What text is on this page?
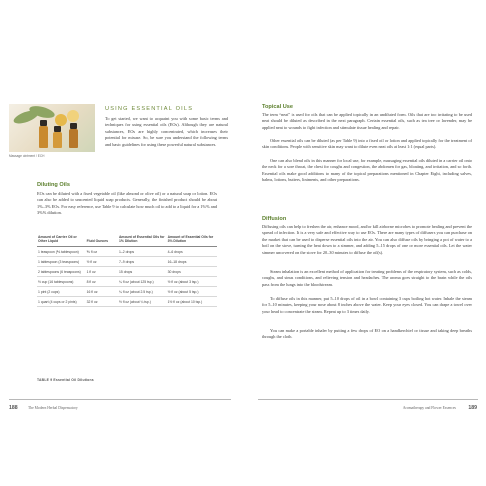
Massage ointment / ECH
USING ESSENTIAL OILS
To get started, we want to acquaint you with some basic terms and techniques for using essential oils (EOs). Although they are natural substances, EOs are highly concentrated, which increases their potential for misuse. So, be sure you understand the following terms and basic guidelines for using these powerful natural substances.
Diluting Oils
EOs can be diluted with a fixed vegetable oil (like almond or olive oil) or a natural soap or lotion. EOs can also be added to unscented liquid soap products. Generally, the finished product should be about 1%–3% EOs. For easy reference, use Table 9 to calculate how much oil to add to a liquid for a 1%% and 3%% dilution.
Amount of Carrier Oil or Other Liquid	Fluid Ounces	Amount of Essential Oils for 1% Dilution	Amount of Essential Oils for 3% Dilution
1 teaspoon (⅙ tablespoon)	⅙ fl oz	1–2 drops	4–6 drops
1 tablespoon (3 teaspoons)	½ fl oz	7–9 drops	16–18 drops
2 tablespoons (6 teaspoons)	1 fl oz	15 drops	30 drops
½ cup (16 tablespoons)	8 fl oz	¼ fl oz (about 125 tsp.)	½ fl oz (about 3 tsp.)
1 pint (2 cups)	16 fl oz	¼ fl oz (about 2.5 tsp.)	½ fl oz (about 5 tsp.)
1 quart (4 cups or 2 pints)	32 fl oz	½ fl oz (about ¼ tsp.)	1½ fl oz (about 10 tsp.)
TABLE 9 Essential Oil Dilutions
Topical Use
The term “neat” is used for oils that can be applied topically in an undiluted form. Oils that are too irritating to be used neat should be diluted as described in the next paragraph. Certain essential oils, such as tea tree or lavender, may be applied neat to wounds to fight infection and stimulate tissue healing and repair.
Other essential oils can be diluted (as per Table 9) into a fixed oil or lotion and applied topically for the treatment of skin conditions. People with sensitive skin may want to dilute even neat oils at least 1:1 (equal parts).
One can also blend oils in this manner for local use, for example, massaging essential oils diluted in a carrier oil onto the neck for a sore throat, the chest for coughs and congestion, the abdomen for gas, bloating, and irritation, and so forth. Essential oils make good additions to many of the topical preparations mentioned in Chapter Eight, including salves, balms, lotions, butters, liniments, and other preparations.
Diffusion
Diffusing oils can help to freshen the air, enhance mood, and/or kill airborne microbes to promote healing and prevent the spread of infection. It is a very safe and effective way to use EOs. There are many types of diffusers you can purchase on the market that can be used to disperse essential oils into the air. You can also diffuse oils by bringing a pot of water to a boil on the stove, turning the heat down to a simmer, and adding 5–15 drops of one or more essential oils. Let the water simmer uncovered on the stove for 20–30 minutes to diffuse the oil(s).
Steam inhalation is an excellent method of application for treating problems of the respiratory system, such as colds, coughs, and sinus conditions, and relieving tension and headaches. The aroma goes straight to the brain while the oils pass from the lungs into the bloodstream.
To diffuse oils in this manner, put 5–10 drops of oil in a bowl containing 3 cups boiling hot water. Inhale the steam for 5–10 minutes, keeping your nose about 8 inches above the water. Keep your eyes closed. You can drape a towel over your head to concentrate the steam. Repeat up to 3 times daily.
You can make a portable inhaler by putting a few drops of EO on a handkerchief or tissue and taking deep breaths through the cloth.
188	The Modern Herbal Dispensatory	Aromatherapy and Flower Essences 189
